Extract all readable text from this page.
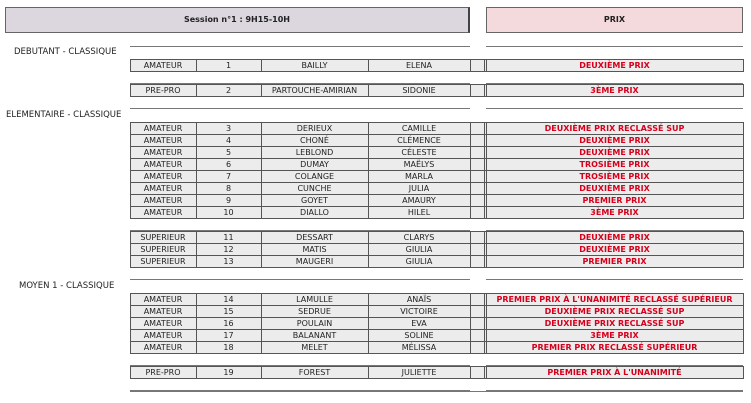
Session n°1 : 9H15-10H	PRIX
DEBUTANT - CLASSIQUE
AMATEUR	1	BAILLY	ELENA	DEUXIÈME PRIX
PRE-PRO	2	PARTOUCHE-AMIRIAN	SIDONIE	3ÈME PRIX
ELEMENTAIRE - CLASSIQUE
AMATEUR	3	DERIEUX	CAMILLE	DEUXIÈME PRIX RECLASSÉ SUP
AMATEUR	4	CHONÉ	CLÉMENCE	DEUXIÈME PRIX
AMATEUR	5	LEBLOND	CÉLESTE	DEUXIÈME PRIX
AMATEUR	6	DUMAY	MAËLYS	TROSIÈME PRIX
AMATEUR	7	COLANGE	MARLA	TROSIÈME PRIX
AMATEUR	8	CUNCHE	JULIA	DEUXIÈME PRIX
AMATEUR	9	GOYET	AMAURY	PREMIER PRIX
AMATEUR	10	DIALLO	HILEL	3ÈME PRIX
SUPERIEUR	11	DESSART	CLARYS	DEUXIÈME PRIX
SUPERIEUR	12	MATIS	GIULIA	DEUXIÈME PRIX
SUPERIEUR	13	MAUGERI	GIULIA	PREMIER PRIX
MOYEN 1 - CLASSIQUE
AMATEUR	14	LAMULLE	ANAÏS	PREMIER PRIX À L'UNANIMITÉ RECLASSÉ SUPÉRIEUR
AMATEUR	15	SEDRUE	VICTOIRE	DEUXIÈME PRIX RECLASSÉ SUP
AMATEUR	16	POULAIN	EVA	DEUXIÈME PRIX RECLASSÉ SUP
AMATEUR	17	BALANANT	SOLINE	3ÈME PRIX
AMATEUR	18	MELET	MÉLISSA	PREMIER PRIX RECLASSÉ SUPÉRIEUR
PRE-PRO	19	FOREST	JULIETTE	PREMIER PRIX À L'UNANIMITÉ
